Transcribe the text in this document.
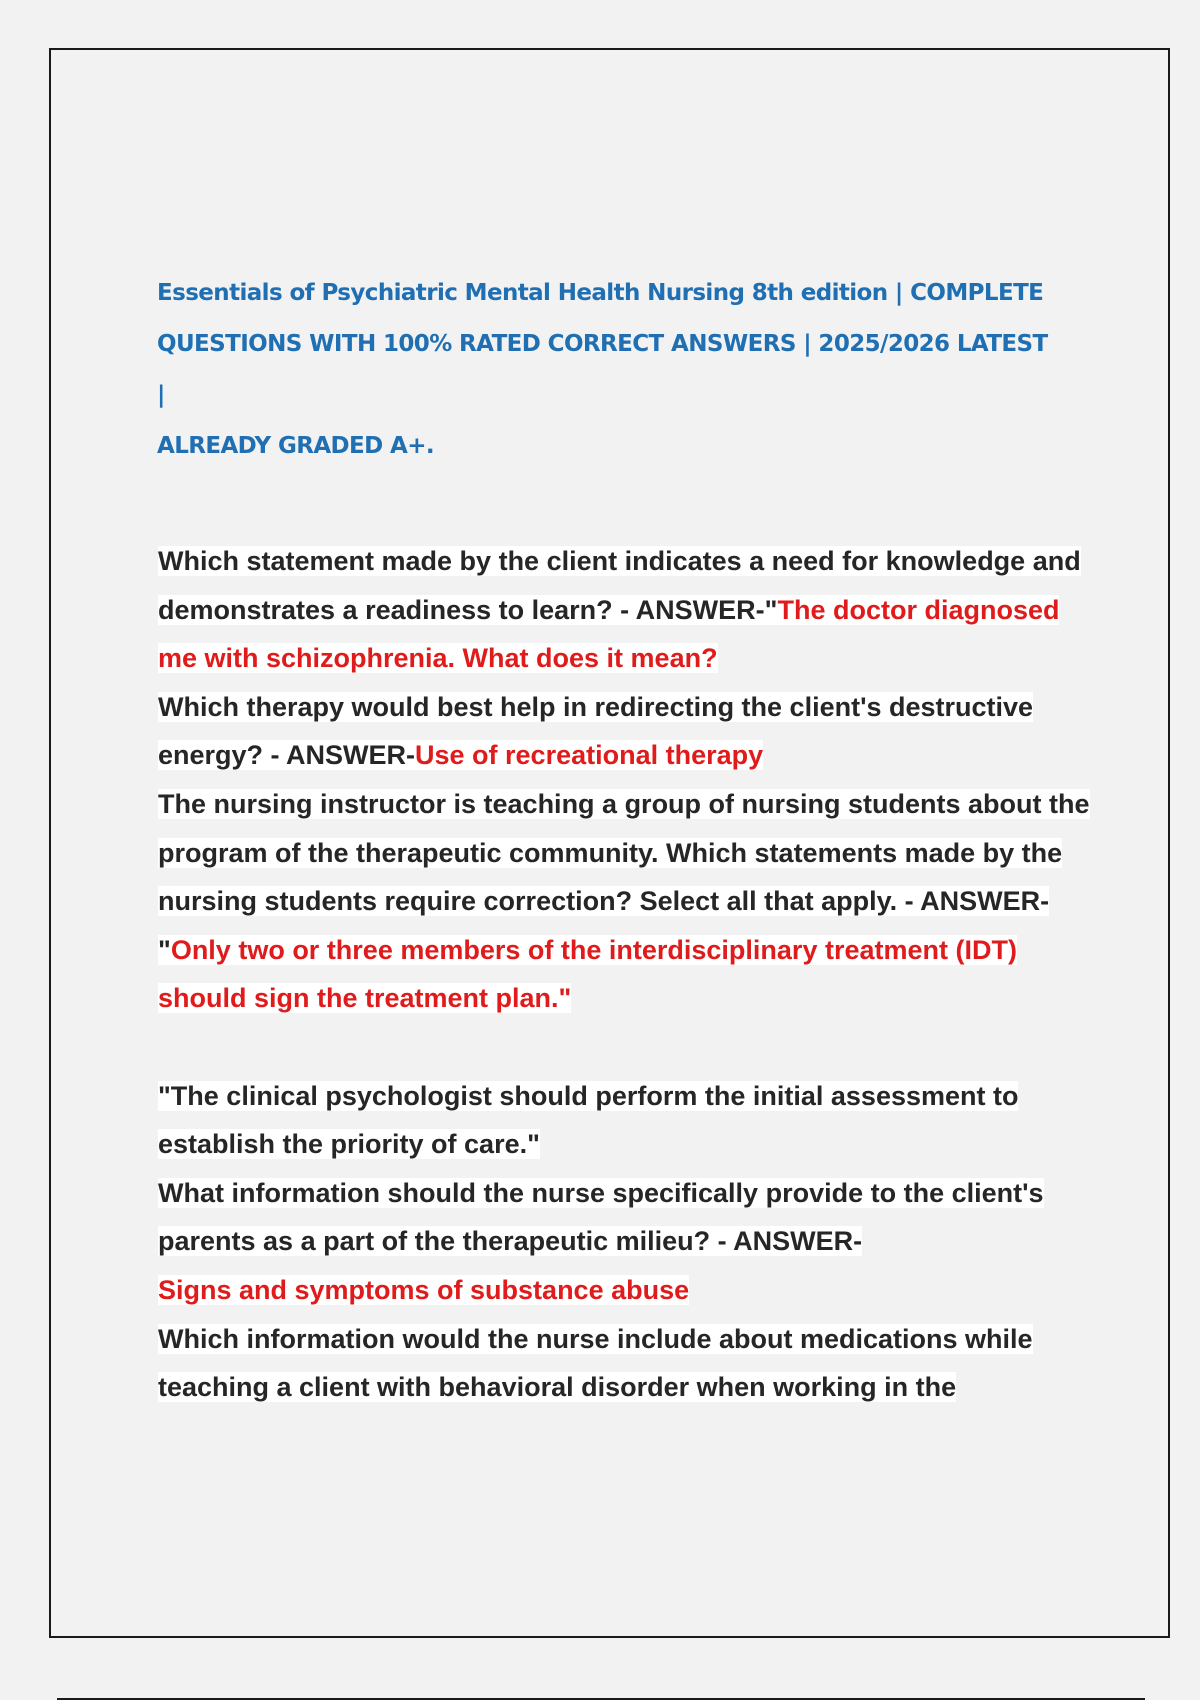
Essentials of Psychiatric Mental Health Nursing 8th edition | COMPLETE
QUESTIONS WITH 100% RATED CORRECT ANSWERS | 2025/2026 LATEST |
ALREADY GRADED A+.

Which statement made by the client indicates a need for knowledge and demonstrates a readiness to learn? - ANSWER-"The doctor diagnosed me with schizophrenia. What does it mean?

Which therapy would best help in redirecting the client's destructive energy? - ANSWER-Use of recreational therapy

The nursing instructor is teaching a group of nursing students about the program of the therapeutic community. Which statements made by the nursing students require correction? Select all that apply. - ANSWER-"Only two or three members of the interdisciplinary treatment (IDT) should sign the treatment plan."

"The clinical psychologist should perform the initial assessment to establish the priority of care."

What information should the nurse specifically provide to the client's parents as a part of the therapeutic milieu? - ANSWER-
Signs and symptoms of substance abuse

Which information would the nurse include about medications while teaching a client with behavioral disorder when working in the
